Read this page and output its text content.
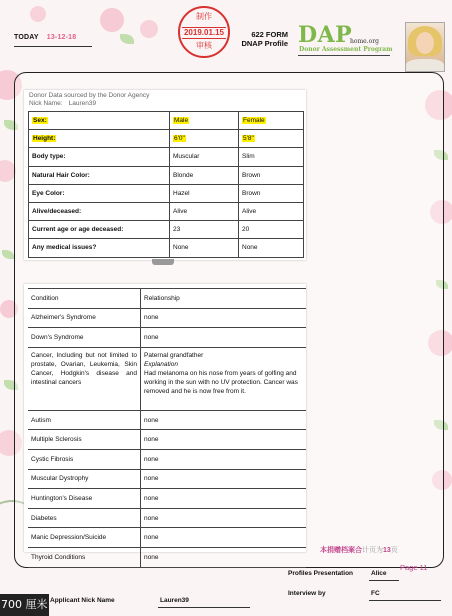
TODAY 13-12-18
制作
2019.01.15
审核
622 FORM
DNAP Profile DAP
home.org
Donor Assessment Program
Donor Data sourced by the Donor Agency
Nick Name: Lauren39
Sex:	Male	Female
Height:	6'0"	5'8"
Body type:	Muscular	Slim
Natural Hair Color:	Blonde	Brown
Eye Color:	Hazel	Brown
Alive/deceased:	Alive	Alive
Current age or age deceased:	23	20
Any medical issues?	None	None
⋯
Condition	Relationship
Alzheimer's Syndrome	none
Down's Syndrome	none
Cancer, Including but not limited to prostate, Ovarian, Leukemia, Skin Cancer, Hodgkin's disease and intestinal cancers	Paternal grandfather
Explanation
Had melanoma on his nose from years of golfing and working in the sun with no UV protection. Cancer was removed and he is now free from it.

Autism	none
Multiple Sclerosis	none
Cystic Fibrosis	none
Muscular Dystrophy	none
Huntington's Disease	none
Diabetes	none
Manic Depression/Suicide	none
Thyroid Conditions	none
本捐赠档案合计页为13页
Profiles Presentation	Alice
Page 11
Interview by	FC
Applicant Nick Name	Lauren39
700 厘米
